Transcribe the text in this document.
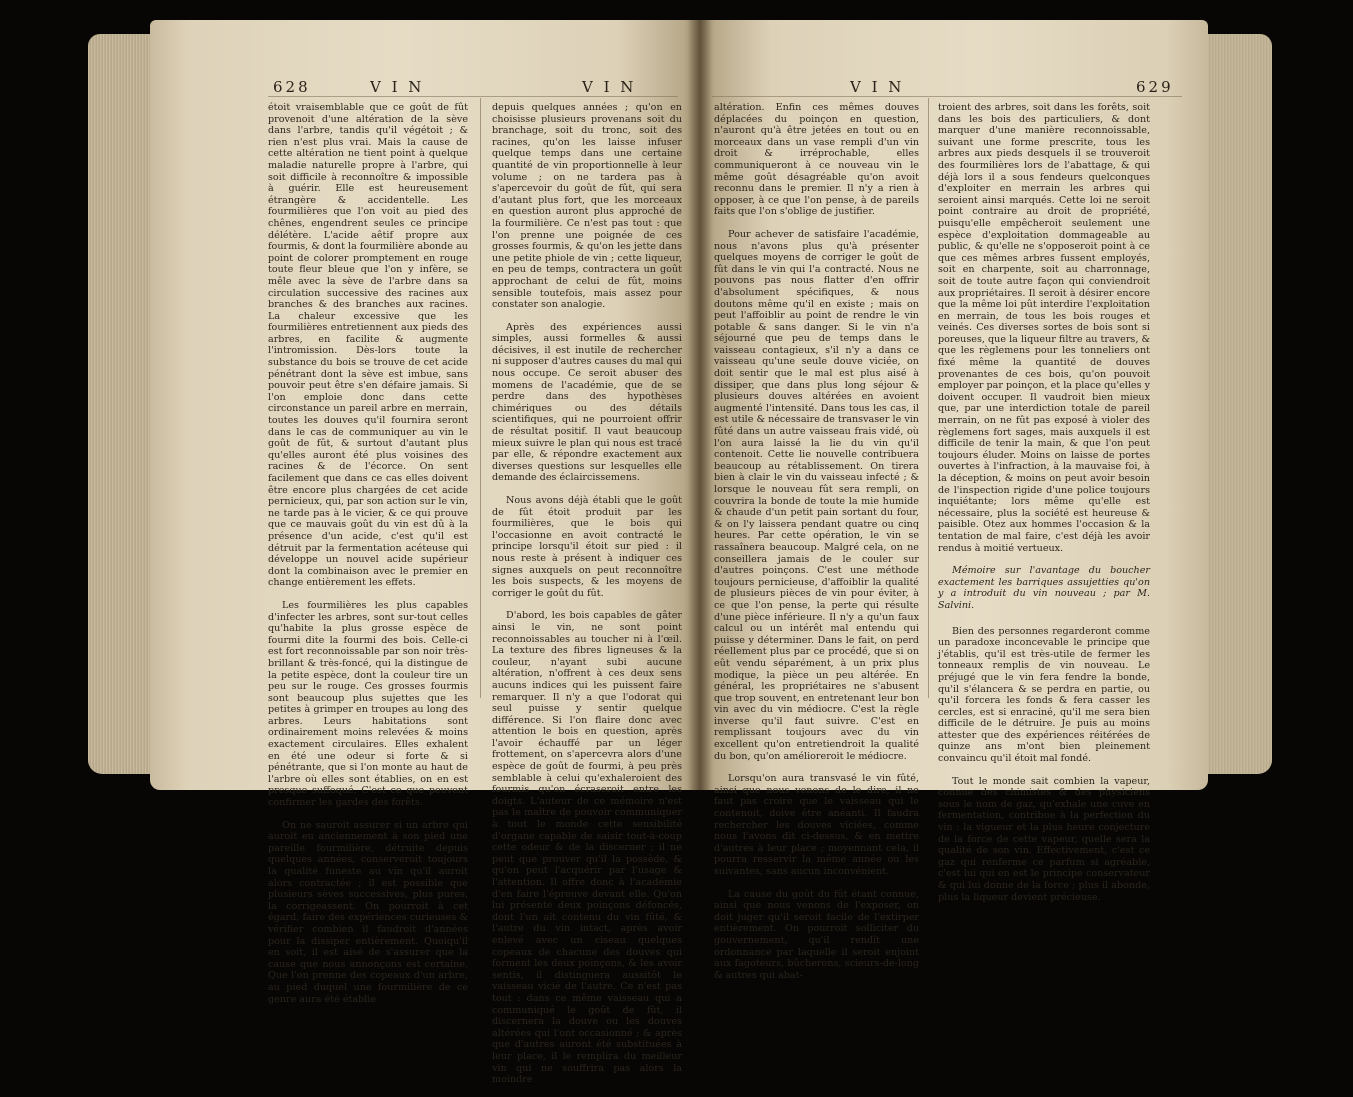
628	V I N	V I N

étoit vraisemblable que ce goût de fût provenoit d'une altération de la sève dans l'arbre, tandis qu'il végétoit ; & rien n'est plus vrai. Mais la cause de cette altération ne tient point à quelque maladie naturelle propre à l'arbre, qui soit difficile à reconnoître & impossible à guérir. Elle est heureusement étrangère & accidentelle. Les fourmilières que l'on voit au pied des chênes, engendrent seules ce principe délétère. L'acide aêtif propre aux fourmis, & dont la fourmilière abonde au point de colorer promptement en rouge toute fleur bleue que l'on y infère, se mêle avec la sève de l'arbre dans sa circulation successive des racines aux branches & des branches aux racines. La chaleur excessive que les fourmilières entretiennent aux pieds des arbres, en facilite & augmente l'intromission. Dès-lors toute la substance du bois se trouve de cet acide pénétrant dont la sève est imbue, sans pouvoir peut être s'en défaire jamais. Si l'on emploie donc dans cette circonstance un pareil arbre en merrain, toutes les douves qu'il fournira seront dans le cas de communiquer au vin le goût de fût, & surtout d'autant plus qu'elles auront été plus voisines des racines & de l'écorce. On sent facilement que dans ce cas elles doivent être encore plus chargées de cet acide pernicieux, qui, par son action sur le vin, ne tarde pas à le vicier, & ce qui prouve que ce mauvais goût du vin est dû à la présence d'un acide, c'est qu'il est détruit par la fermentation acéteuse qui développe un nouvel acide supérieur dont la combinaison avec le premier en change entièrement les effets.

Les fourmilières les plus capables d'infecter les arbres, sont sur-tout celles qu'habite la plus grosse espèce de fourmi dite la fourmi des bois. Celle-ci est fort reconnoissable par son noir très-brillant & très-foncé, qui la distingue de la petite espèce, dont la couleur tire un peu sur le rouge. Ces grosses fourmis sont beaucoup plus sujettes que les petites à grimper en troupes au long des arbres. Leurs habitations sont ordinairement moins relevées & moins exactement circulaires. Elles exhalent en été une odeur si forte & si pénétrante, que si l'on monte au haut de l'arbre où elles sont établies, on en est presque suffoqué. C'est ce que peuvent confirmer les gardes des forêts.

On ne sauroit assurer si un arbre qui auroit eu anciennement à son pied une pareille fourmilière, détruite depuis quelques années, conserveroit toujours la qualité funeste au vin qu'il auroit alors contractée ; il est possible que plusieurs sèves successives, plus pures, la corrigeassent. On pourroit à cet égard, faire des expériences curieuses & vérifier combien il faudroit d'années pour la dissiper entièrement. Quoiqu'il en soit, il est aisé de s'assurer que la cause que nous annonçons est certaine. Que l'on prenne des copeaux d'un arbre, au pied duquel une fourmilière de ce genre aura été établie

depuis quelques années ; qu'on en choisisse plusieurs provenans soit du branchage, soit du tronc, soit des racines, qu'on les laisse infuser quelque temps dans une certaine quantité de vin proportionnelle à leur volume ; on ne tardera pas à s'apercevoir du goût de fût, qui sera d'autant plus fort, que les morceaux en question auront plus approché de la fourmilière. Ce n'est pas tout : que l'on prenne une poignée de ces grosses fourmis, & qu'on les jette dans une petite phiole de vin ; cette liqueur, en peu de temps, contractera un goût approchant de celui de fût, moins sensible toutefois, mais assez pour constater son analogie.

Après des expériences aussi simples, aussi formelles & aussi décisives, il est inutile de rechercher ni supposer d'autres causes du mal qui nous occupe. Ce seroit abuser des momens de l'académie, que de se perdre dans des hypothèses chimériques ou des détails scientifiques, qui ne pourroient offrir de résultat positif. Il vaut beaucoup mieux suivre le plan qui nous est tracé par elle, & répondre exactement aux diverses questions sur lesquelles elle demande des éclaircissemens.

Nous avons déjà établi que le goût de fût étoit produit par les fourmilières, que le bois qui l'occasionne en avoit contracté le principe lorsqu'il étoit sur pied : il nous reste à présent à indiquer ces signes auxquels on peut reconnoître les bois suspects, & les moyens de corriger le goût du fût.

D'abord, les bois capables de gâter ainsi le vin, ne sont point reconnoissables au toucher ni à l'œil. La texture des fibres ligneuses & la couleur, n'ayant subi aucune altération, n'offrent à ces deux sens aucuns indices qui les puissent faire remarquer. Il n'y a que l'odorat qui seul puisse y sentir quelque différence. Si l'on flaire donc avec attention le bois en question, après l'avoir échauffé par un léger frottement, on s'apercevra alors d'une espèce de goût de fourmi, à peu près semblable à celui qu'exhaleroient des fourmis qu'on écraseroit entre les doigts. L'auteur de ce mémoire n'est pas le maître de pouvoir communiquer à tout le monde cette sensibilité d'organe capable de saisir tout-à-coup cette odeur & de la discerner ; il ne peut que prouver qu'il la possède, & qu'on peut l'acquérir par l'usage & l'attention. Il offre donc à l'académie d'en faire l'épreuve devant elle. Qu'on lui présente deux poinçons défoncés, dont l'un aît contenu du vin fûté, & l'autre du vin intact, après avoir enlevé avec un ciseau quelques copeaux de chacune des douves qui forment les deux poinçons, & les avoir sentis, il distinguera aussitôt le vaisseau vicié de l'autre. Ce n'est pas tout : dans ce même vaisseau qui a communiqué le goût de fût, il discernera la douve ou les douves altérées qui l'ont occasionné ; & après que d'autres auront été substituées à leur place, il le remplira du meilleur vin qui ne souffrira pas alors la moindre

V I N	629

altération. Enfin ces mêmes douves déplacées du poinçon en question, n'auront qu'à être jetées en tout ou en morceaux dans un vase rempli d'un vin droit & irréprochable, elles communiqueront à ce nouveau vin le même goût désagréable qu'on avoit reconnu dans le premier. Il n'y a rien à opposer, à ce que l'on pense, à de pareils faits que l'on s'oblige de justifier.

Pour achever de satisfaire l'académie, nous n'avons plus qu'à présenter quelques moyens de corriger le goût de fût dans le vin qui l'a contracté. Nous ne pouvons pas nous flatter d'en offrir d'absolument spécifiques, & nous doutons même qu'il en existe ; mais on peut l'affoiblir au point de rendre le vin potable & sans danger. Si le vin n'a séjourné que peu de temps dans le vaisseau contagieux, s'il n'y a dans ce vaisseau qu'une seule douve viciée, on doit sentir que le mal est plus aisé à dissiper, que dans plus long séjour & plusieurs douves altérées en avoient augmenté l'intensité. Dans tous les cas, il est utile & nécessaire de transvaser le vin fûté dans un autre vaisseau frais vidé, où l'on aura laissé la lie du vin qu'il contenoit. Cette lie nouvelle contribuera beaucoup au rétablissement. On tirera bien à clair le vin du vaisseau infecté ; & lorsque le nouveau fût sera rempli, on couvrira la bonde de toute la mie humide & chaude d'un petit pain sortant du four, & on l'y laissera pendant quatre ou cinq heures. Par cette opération, le vin se rassaînera beaucoup. Malgré cela, on ne conseillera jamais de le couler sur d'autres poinçons. C'est une méthode toujours pernicieuse, d'affoiblir la qualité de plusieurs pièces de vin pour éviter, à ce que l'on pense, la perte qui résulte d'une pièce inférieure. Il n'y a qu'un faux calcul ou un intérêt mal entendu qui puisse y déterminer. Dans le fait, on perd réellement plus par ce procédé, que si on eût vendu séparément, à un prix plus modique, la pièce un peu altérée. En général, les propriétaires ne s'abusent que trop souvent, en entretenant leur bon vin avec du vin médiocre. C'est la règle inverse qu'il faut suivre. C'est en remplissant toujours avec du vin excellent qu'on entretiendroit la qualité du bon, qu'on amélioreroit le médiocre.

Lorsqu'on aura transvasé le vin fûté, ainsi que nous venons de le dire, il ne faut pas croire que le vaisseau qui le contenoit, doive être anéanti. Il faudra rechercher les douves viciées, comme nous l'avons dit ci-dessus, & en mettre d'autres à leur place ; moyennant cela, il pourra resservir la même année ou les suivantes, sans aucun inconvénient.

La cause du goût du fût étant connue, ainsi que nous venons de l'exposer, on doit juger qu'il seroit facile de l'extirper entièrement. On pourroit solliciter du gouvernement, qu'il rendît une ordonnance par laquelle il seroit enjoint aux fagoteurs, bûcherons, scieurs-de-long & autres qui abat-

troient des arbres, soit dans les forêts, soit dans les bois des particuliers, & dont marquer d'une manière reconnoissable, suivant une forme prescrite, tous les arbres aux pieds desquels il se trouveroit des fourmilières lors de l'abattage, & qui déjà lors il a sous fendeurs quelconques d'exploiter en merrain les arbres qui seroient ainsi marqués. Cette loi ne seroit point contraire au droit de propriété, puisqu'elle empêcheroit seulement une espèce d'exploitation dommageable au public, & qu'elle ne s'opposeroit point à ce que ces mêmes arbres fussent employés, soit en charpente, soit au charronnage, soit de toute autre façon qui conviendroit aux propriétaires. Il seroit à désirer encore que la même loi pût interdire l'exploitation en merrain, de tous les bois rouges et veinés. Ces diverses sortes de bois sont si poreuses, que la liqueur filtre au travers, & que les règlemens pour les tonneliers ont fixé même la quantité de douves provenantes de ces bois, qu'on pouvoit employer par poinçon, et la place qu'elles y doivent occuper. Il vaudroit bien mieux que, par une interdiction totale de pareil merrain, on ne fût pas exposé à violer des règlemens fort sages, mais auxquels il est difficile de tenir la main, & que l'on peut toujours éluder. Moins on laisse de portes ouvertes à l'infraction, à la mauvaise foi, à la déception, & moins on peut avoir besoin de l'inspection rigide d'une police toujours inquiétante; lors même qu'elle est nécessaire, plus la société est heureuse & paisible. Otez aux hommes l'occasion & la tentation de mal faire, c'est déjà les avoir rendus à moitié vertueux.

Mémoire sur l'avantage du boucher exactement les barriques assujetties qu'on y a introduit du vin nouveau ; par M. Salvini.

Bien des personnes regarderont comme un paradoxe inconcevable le principe que j'établis, qu'il est très-utile de fermer les tonneaux remplis de vin nouveau. Le préjugé que le vin fera fendre la bonde, qu'il s'élancera & se perdra en partie, ou qu'il forcera les fonds & fera casser les cercles, est si enraciné, qu'il me sera bien difficile de le détruire. Je puis au moins attester que des expériences réitérées de quinze ans m'ont bien pleinement convaincu qu'il étoit mal fondé.

Tout le monde sait combien la vapeur, connue des chimistes & des physiciens sous le nom de gaz, qu'exhale une cuve en fermentation, contribue à la perfection du vin : la vigueur et la plus heure conjecture de la force de cette vapeur, quelle sera la qualité de son vin. Effectivement, c'est ce gaz qui renferme ce parfum si agréable, c'est lui qui en est le principe conservateur & qui lui donne de la force ; plus il abonde, plus la liqueur devient précieuse.
